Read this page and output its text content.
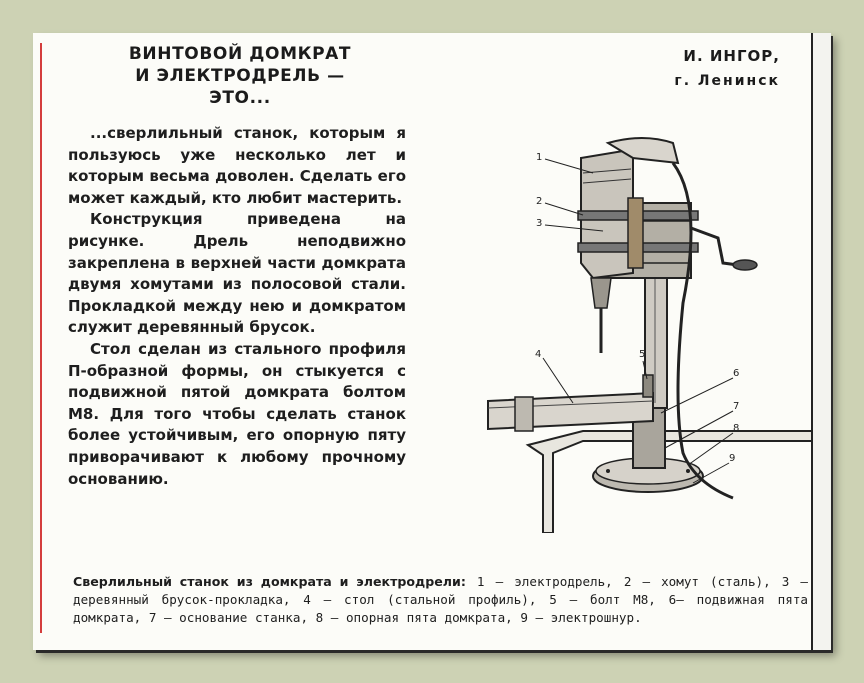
ВИНТОВОЙ ДОМКРАТ
И ЭЛЕКТРОДРЕЛЬ —
ЭТО...
И. ИНГОР,
г. Ленинск

...сверлильный станок, которым я пользуюсь уже несколько лет и которым весьма доволен. Сделать его может каждый, кто любит мастерить.

Конструкция приведена на рисунке. Дрель неподвижно закреплена в верхней части домкрата двумя хомутами из полосовой стали. Прокладкой между нею и домкратом служит деревянный брусок.

Стол сделан из стального профиля П-образной формы, он стыкуется с подвижной пятой домкрата болтом М8. Для того чтобы сделать станок более устойчивым, его опорную пяту приворачивают к любому прочному основанию.

1
2
3
4	5
6
7
8
9
Сверлильный станок из домкрата и электродрели: 1 — электродрель, 2 — хомут (сталь), 3 — деревянный брусок-прокладка, 4 — стол (стальной профиль), 5 — болт М8, 6— подвижная пята домкрата, 7 — основание станка, 8 — опорная пята домкрата, 9 — электрошнур.
